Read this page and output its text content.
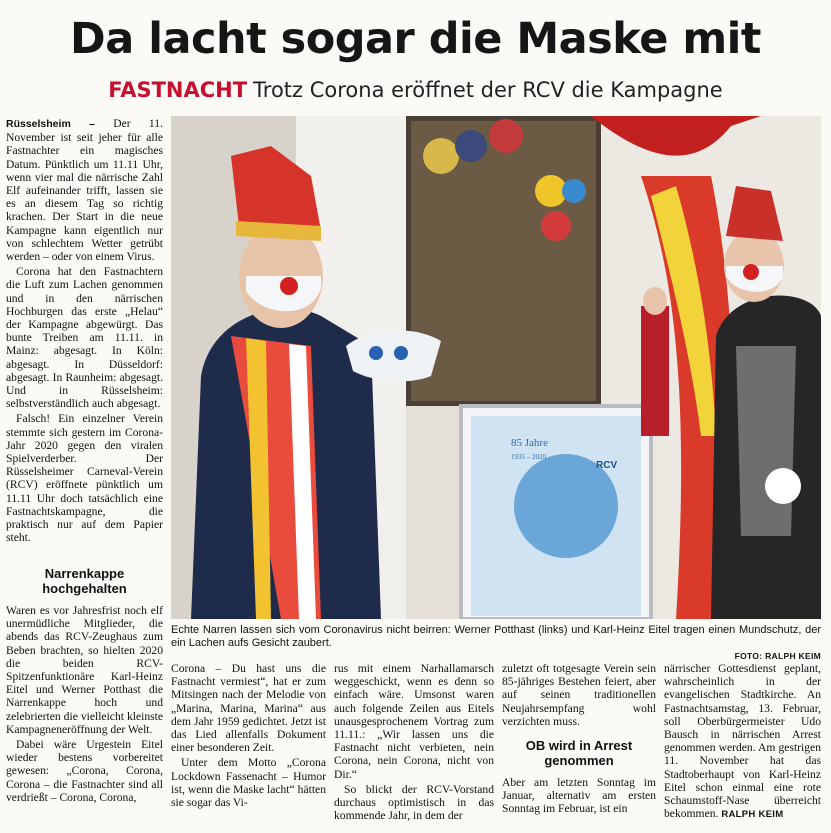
Da lacht sogar die Maske mit
FASTNACHT Trotz Corona eröffnet der RCV die Kampagne

Rüsselsheim – Der 11. November ist seit jeher für alle Fastnachter ein magisches Datum. Pünktlich um 11.11 Uhr, wenn vier mal die närrische Zahl Elf aufeinander trifft, lassen sie es an diesem Tag so richtig krachen. Der Start in die neue Kampagne kann eigentlich nur von schlechtem Wetter getrübt werden – oder von einem Virus.

Corona hat den Fastnachtern die Luft zum Lachen genommen und in den närrischen Hochburgen das erste „Helau“ der Kampagne abgewürgt. Das bunte Treiben am 11.11. in Mainz: abgesagt. In Köln: abgesagt. In Düsseldorf: abgesagt. In Raunheim: abgesagt. Und in Rüsselsheim: selbstverständlich auch abgesagt.

Falsch! Ein einzelner Verein stemmte sich gestern im Corona-Jahr 2020 gegen den viralen Spielverderber. Der Rüsselsheimer Carneval-Verein (RCV) eröffnete pünktlich um 11.11 Uhr doch tatsächlich eine Fastnachtskampagne, die praktisch nur auf dem Papier steht.

Narrenkappe hochgehalten

Waren es vor Jahresfrist noch elf unermüdliche Mitglieder, die abends das RCV-Zeughaus zum Beben brachten, so hielten 2020 die beiden RCV-Spitzenfunktionäre Karl-Heinz Eitel und Werner Potthast die Narrenkappe hoch und zelebrierten die vielleicht kleinste Kampagneneröffnung der Welt.

Dabei wäre Urgestein Eitel wieder bestens vorbereitet gewesen: „Corona, Corona, Corona – die Fastnachter sind all verdrießt – Corona, Corona,

85 Jahre
1935 – 2020
RCV
Echte Narren lassen sich vom Coronavirus nicht beirren: Werner Potthast (links) und Karl-Heinz Eitel tragen einen Mundschutz, der ein Lachen aufs Gesicht zaubert.
FOTO: RALPH KEIM

Corona – Du hast uns die Fastnacht vermiest“, hat er zum Mitsingen nach der Melodie von „Marina, Marina, Marina“ aus dem Jahr 1959 gedichtet. Jetzt ist das Lied allenfalls Dokument einer besonderen Zeit.

Unter dem Motto „Corona Lockdown Fassenacht – Humor ist, wenn die Maske lacht“ hätten sie sogar das Vi-

rus mit einem Narhallamarsch weggeschickt, wenn es denn so einfach wäre. Umsonst waren auch folgende Zeilen aus Eitels unausgesprochenem Vortrag zum 11.11.: „Wir lassen uns die Fastnacht nicht verbieten, nein Corona, nein Corona, nicht von Dir.“

So blickt der RCV-Vorstand durchaus optimistisch in das kommende Jahr, in dem der

zuletzt oft totgesagte Verein sein 85-jähriges Bestehen feiert, aber auf seinen traditionellen Neujahrsempfang wohl verzichten muss.

OB wird in Arrest genommen

Aber am letzten Sonntag im Januar, alternativ am ersten Sonntag im Februar, ist ein

närrischer Gottesdienst geplant, wahrscheinlich in der evangelischen Stadtkirche. An Fastnachtsamstag, 13. Februar, soll Oberbürgermeister Udo Bausch in närrischen Arrest genommen werden. Am gestrigen 11. November hat das Stadtoberhaupt von Karl-Heinz Eitel schon einmal eine rote Schaumstoff-Nase überreicht bekommen. RALPH KEIM
